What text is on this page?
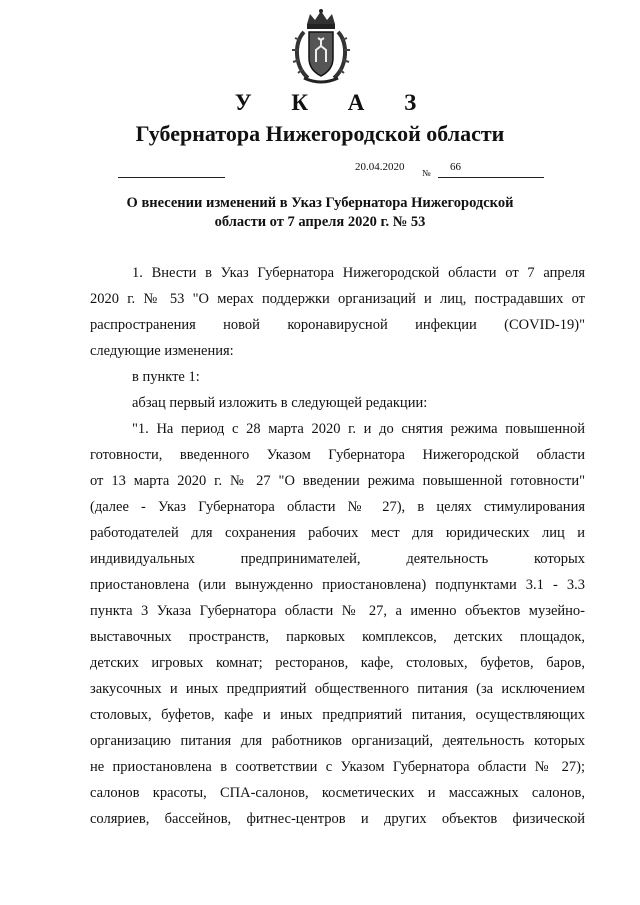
У К А З
Губернатора Нижегородской области
20.04.2020 № 66
О внесении изменений в Указ Губернатора Нижегородской
области от 7 апреля 2020 г. № 53

1. Внести в Указ Губернатора Нижегородской области от 7 апреля

2020 г. № 53 "О мерах поддержки организаций и лиц, пострадавших от

распространения новой коронавирусной инфекции (COVID-19)"

следующие изменения:

в пункте 1:

абзац первый изложить в следующей редакции:

"1. На период с 28 марта 2020 г. и до снятия режима повышенной

готовности, введенного Указом Губернатора Нижегородской области

от 13 марта 2020 г. № 27 "О введении режима повышенной готовности"

(далее - Указ Губернатора области № 27), в целях стимулирования

работодателей для сохранения рабочих мест для юридических лиц и

индивидуальных предпринимателей, деятельность которых

приостановлена (или вынужденно приостановлена) подпунктами 3.1 - 3.3

пункта 3 Указа Губернатора области № 27, а именно объектов музейно-

выставочных пространств, парковых комплексов, детских площадок,

детских игровых комнат; ресторанов, кафе, столовых, буфетов, баров,

закусочных и иных предприятий общественного питания (за исключением

столовых, буфетов, кафе и иных предприятий питания, осуществляющих

организацию питания для работников организаций, деятельность которых

не приостановлена в соответствии с Указом Губернатора области № 27);

салонов красоты, СПА-салонов, косметических и массажных салонов,

соляриев, бассейнов, фитнес-центров и других объектов физической
